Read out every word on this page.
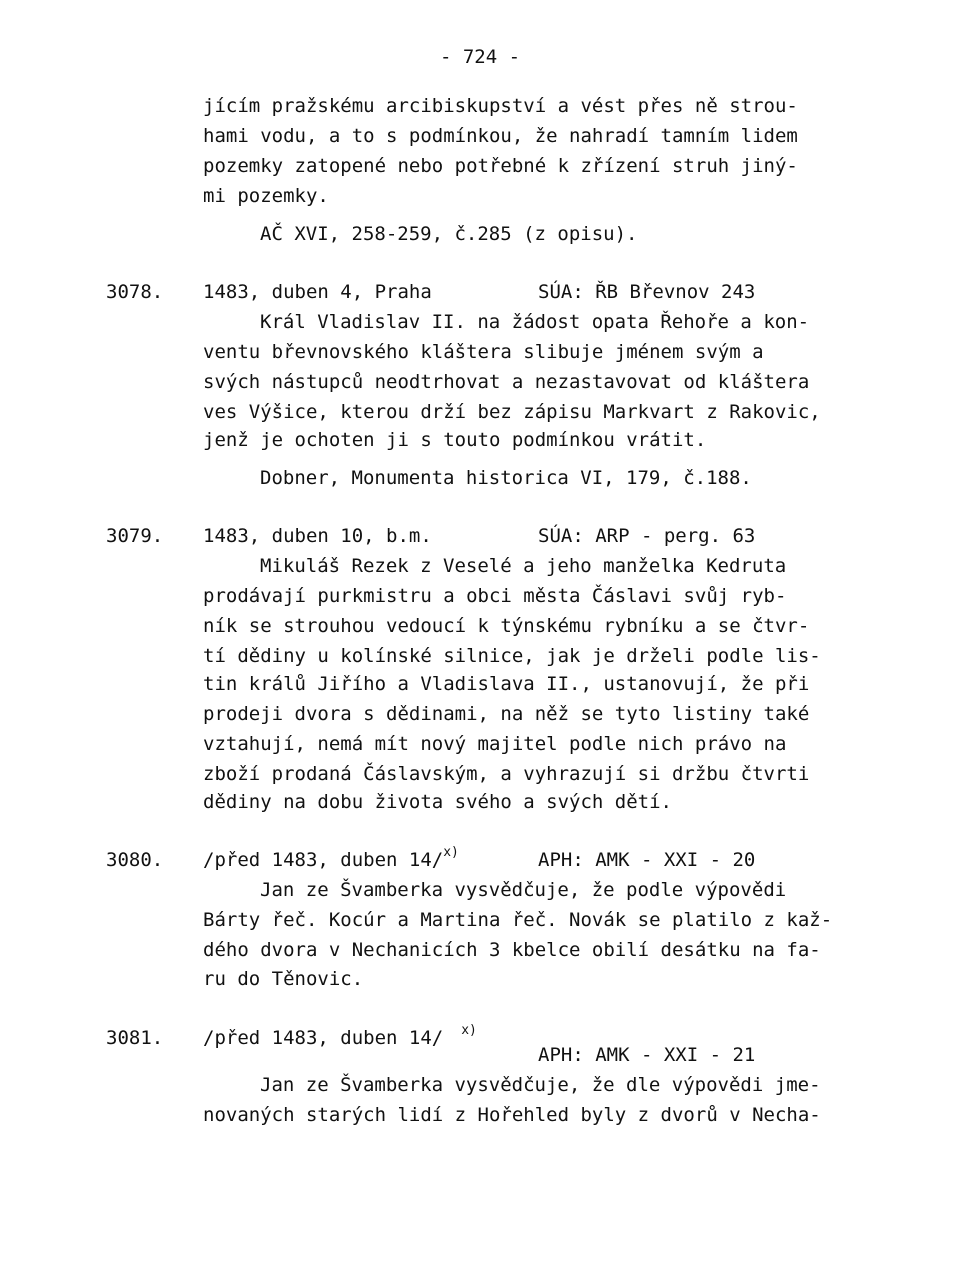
- 724 -
jícím pražskému arcibiskupství a vést přes ně strou-
hami vodu, a to s podmínkou, že nahradí tamním lidem
pozemky zatopené nebo potřebné k zřízení struh jiný-
mi pozemky.
AČ XVI, 258-259, č.285 (z opisu).
3078. 1483, duben 4, Praha	SÚA: ŘB Břevnov 243
Král Vladislav II. na žádost opata Řehoře a kon-
ventu břevnovského kláštera slibuje jménem svým a
svých nástupců neodtrhovat a nezastavovat od kláštera
ves Výšice, kterou drží bez zápisu Markvart z Rakovic,
jenž je ochoten ji s touto podmínkou vrátit.
Dobner, Monumenta historica VI, 179, č.188.
3079. 1483, duben 10, b.m.	SÚA: ARP - perg. 63
Mikuláš Rezek z Veselé a jeho manželka Kedruta
prodávají purkmistru a obci města Čáslavi svůj ryb-
ník se strouhou vedoucí k týnskému rybníku a se čtvr-
tí dědiny u kolínské silnice, jak je drželi podle lis-
tin králů Jiřího a Vladislava II., ustanovují, že při
prodeji dvora s dědinami, na něž se tyto listiny také
vztahují, nemá mít nový majitel podle nich právo na
zboží prodaná Čáslavským, a vyhrazují si držbu čtvrti
dědiny na dobu života svého a svých dětí.
3080. /před 1483, duben 14/$^{x)}$	APH: AMK - XXI - 20
Jan ze Švamberka vysvědčuje, že podle výpovědi
Bárty řeč. Kocúr a Martina řeč. Novák se platilo z kaž-
dého dvora v Nechanicích 3 kbelce obilí desátku na fa-
ru do Těnovic.
3081. /před 1483, duben 14/ $^{x)}$
APH: AMK - XXI - 21
Jan ze Švamberka vysvědčuje, že dle výpovědi jme-
novaných starých lidí z Hořehled byly z dvorů v Necha-
